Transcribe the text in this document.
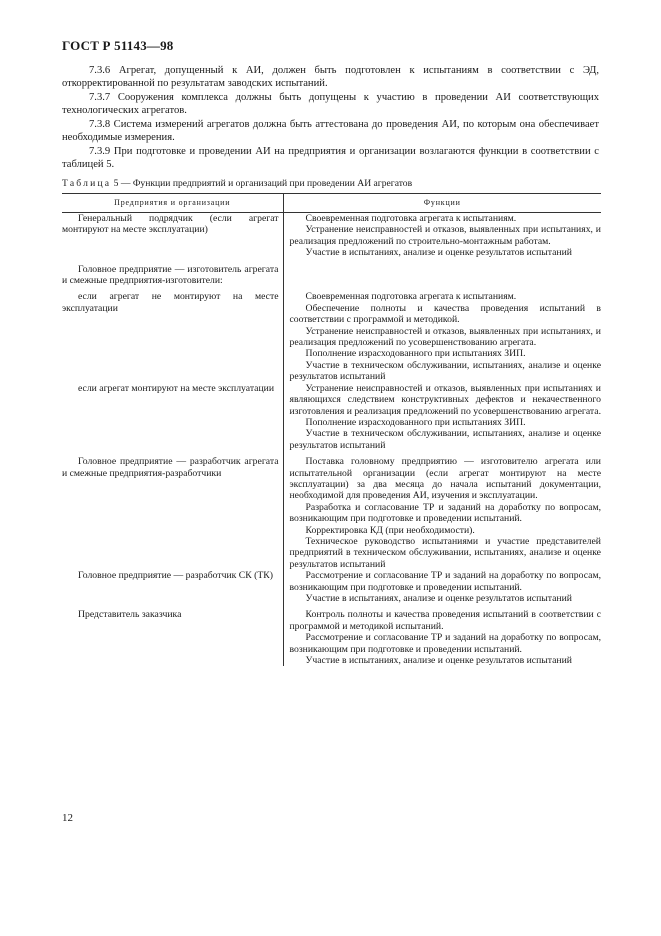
ГОСТ Р 51143—98
7.3.6 Агрегат, допущенный к АИ, должен быть подготовлен к испытаниям в соответствии с ЭД, откорректированной по результатам заводских испытаний.
7.3.7 Сооружения комплекса должны быть допущены к участию в проведении АИ соответствующих технологических агрегатов.
7.3.8 Система измерений агрегатов должна быть аттестована до проведения АИ, по которым она обеспечивает необходимые измерения.
7.3.9 При подготовке и проведении АИ на предприятия и организации возлагаются функции в соответствии с таблицей 5.
Таблица 5 — Функции предприятий и организаций при проведении АИ агрегатов
Предприятия и организации	Функции

Генеральный подрядчик (если агрегат монтируют на месте эксплуатации)	Своевременная подготовка агрегата к испытаниям.
Устранение неисправностей и отказов, выявленных при испытаниях, и реализация предложений по строительно-монтажным работам.
Участие в испытаниях, анализе и оценке результатов испытаний

Головное предприятие — изготовитель агрегата и смежные предприятия-изготовители:	

если агрегат не монтируют на месте эксплуатации	Своевременная подготовка агрегата к испытаниям.
Обеспечение полноты и качества проведения испытаний в соответствии с программой и методикой.
Устранение неисправностей и отказов, выявленных при испытаниях, и реализация предложений по усовершенствованию агрегата.
Пополнение израсходованного при испытаниях ЗИП.
Участие в техническом обслуживании, испытаниях, анализе и оценке результатов испытаний

если агрегат монтируют на месте эксплуатации	Устранение неисправностей и отказов, выявленных при испытаниях и являющихся следствием конструктивных дефектов и некачественного изготовления и реализация предложений по усовершенствованию агрегата.
Пополнение израсходованного при испытаниях ЗИП.
Участие в техническом обслуживании, испытаниях, анализе и оценке результатов испытаний

Головное предприятие — разработчик агрегата и смежные предприятия-разработчики	Поставка головному предприятию — изготовителю агрегата или испытательной организации (если агрегат монтируют на месте эксплуатации) за два месяца до начала испытаний документации, необходимой для проведения АИ, изучения и эксплуатации.
Разработка и согласование ТР и заданий на доработку по вопросам, возникающим при подготовке и проведении испытаний.
Корректировка КД (при необходимости).
Техническое руководство испытаниями и участие представителей предприятий в техническом обслуживании, испытаниях, анализе и оценке результатов испытаний

Головное предприятие — разработчик СК (ТК)	Рассмотрение и согласование ТР и заданий на доработку по вопросам, возникающим при подготовке и проведении испытаний.
Участие в испытаниях, анализе и оценке результатов испытаний

Представитель заказчика	Контроль полноты и качества проведения испытаний в соответствии с программой и методикой испытаний.
Рассмотрение и согласование ТР и заданий на доработку по вопросам, возникающим при подготовке и проведении испытаний.
Участие в испытаниях, анализе и оценке результатов испытаний
12
